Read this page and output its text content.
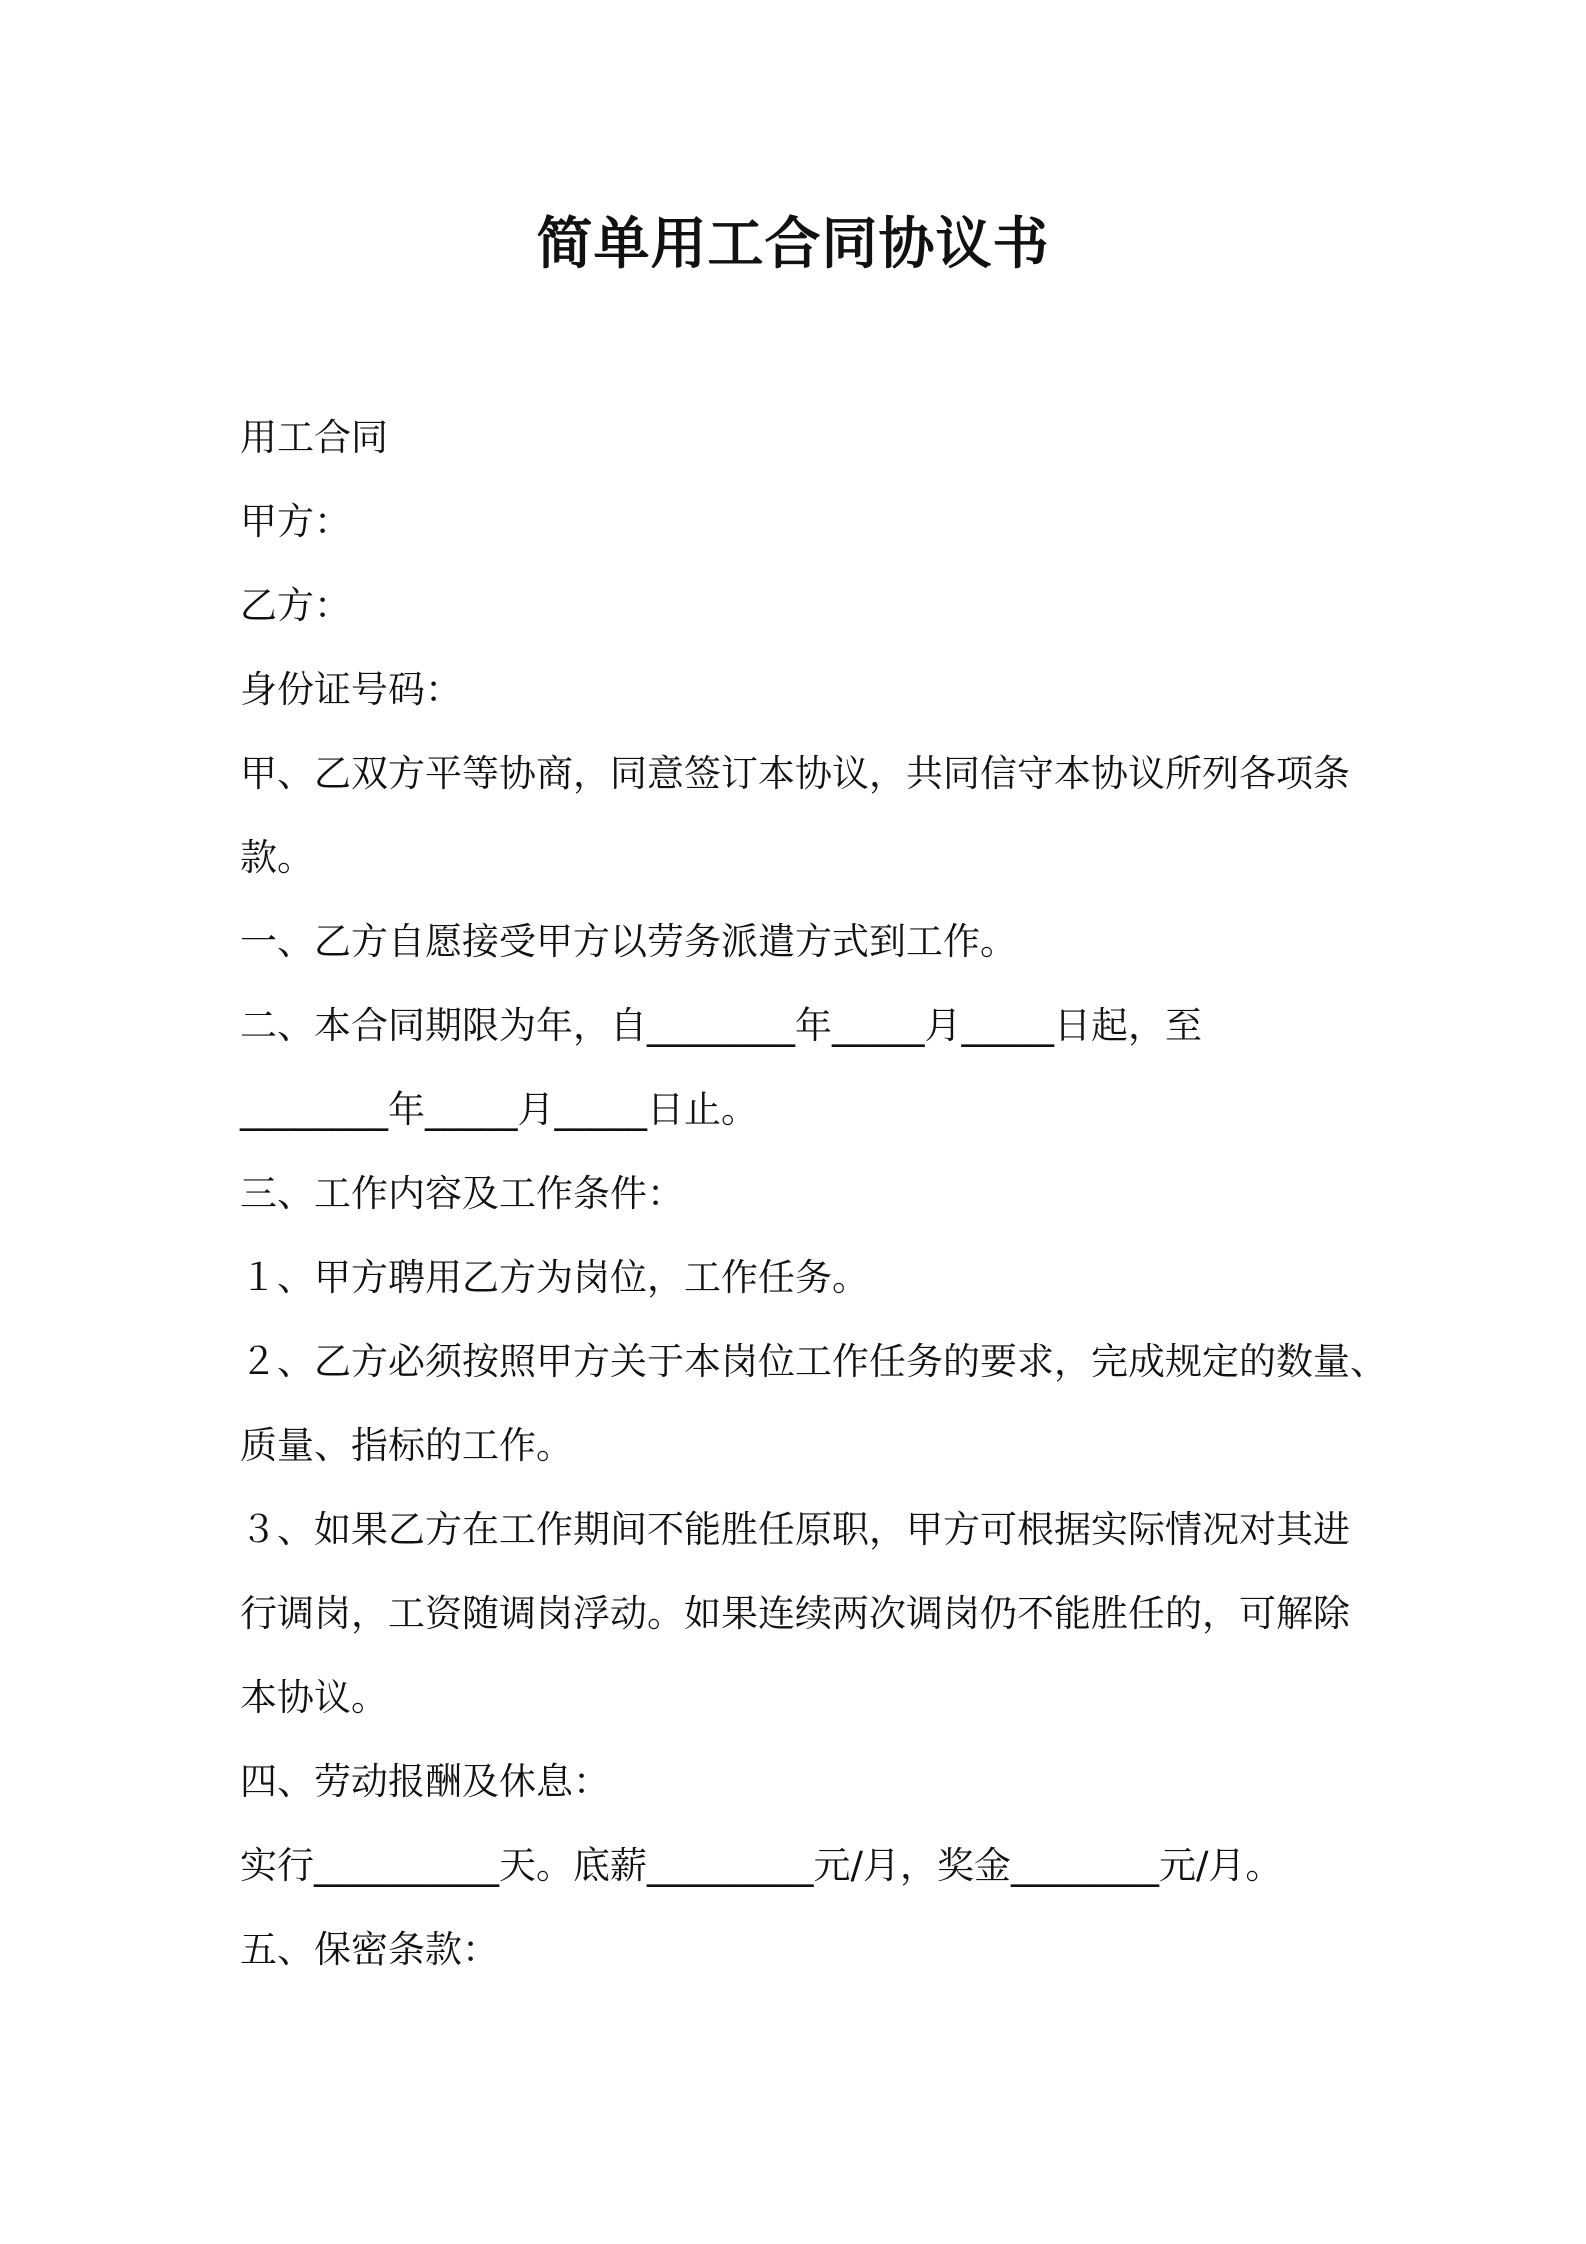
简单用工合同协议书
用工合同
甲方：
乙方：
身份证号码：
甲、乙双方平等协商，同意签订本协议，共同信守本协议所列各项条
款。
一、乙方自愿接受甲方以劳务派遣方式到工作。
二、本合同期限为年，自________年_____月_____日起，至
________年_____月_____日止。
三、工作内容及工作条件：
１、甲方聘用乙方为岗位，工作任务。
２、乙方必须按照甲方关于本岗位工作任务的要求，完成规定的数量、
质量、指标的工作。
３、如果乙方在工作期间不能胜任原职，甲方可根据实际情况对其进
行调岗，工资随调岗浮动。如果连续两次调岗仍不能胜任的，可解除
本协议。
四、劳动报酬及休息：
实行__________天。底薪_________元/月，奖金________元/月。
五、保密条款：
